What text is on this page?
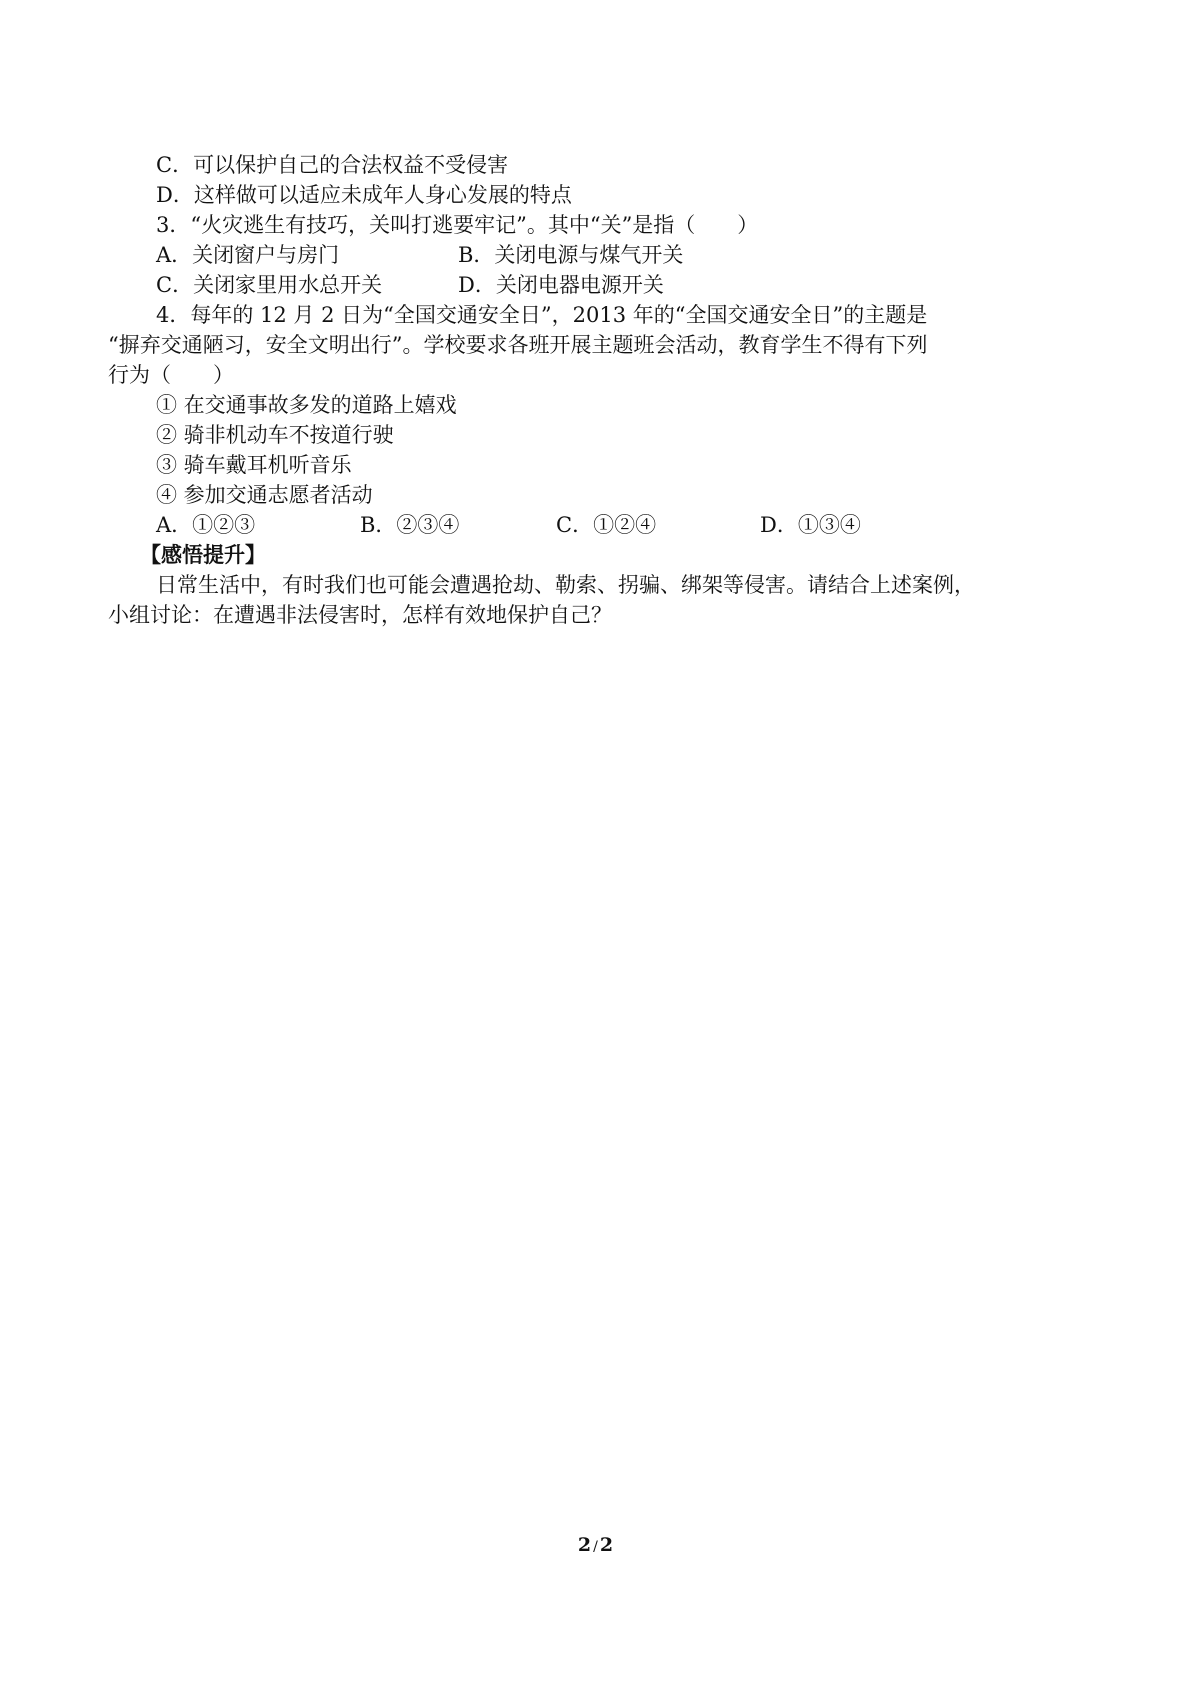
C．可以保护自己的合法权益不受侵害
D．这样做可以适应未成年人身心发展的特点
3．“火灾逃生有技巧，关叫打逃要牢记”。其中“关”是指（　　）
A．关闭窗户与房门	B．关闭电源与煤气开关
C．关闭家里用水总开关	D．关闭电器电源开关
4．每年的 12 月 2 日为“全国交通安全日”，2013 年的“全国交通安全日”的主题是
“摒弃交通陋习，安全文明出行”。学校要求各班开展主题班会活动，教育学生不得有下列
行为（　　）
① 在交通事故多发的道路上嬉戏
② 骑非机动车不按道行驶
③ 骑车戴耳机听音乐
④ 参加交通志愿者活动
A．①②③	B．②③④	C．①②④	D．①③④
【感悟提升】
日常生活中，有时我们也可能会遭遇抢劫、勒索、拐骗、绑架等侵害。请结合上述案例，
小组讨论：在遭遇非法侵害时，怎样有效地保护自己？
2 / 2
